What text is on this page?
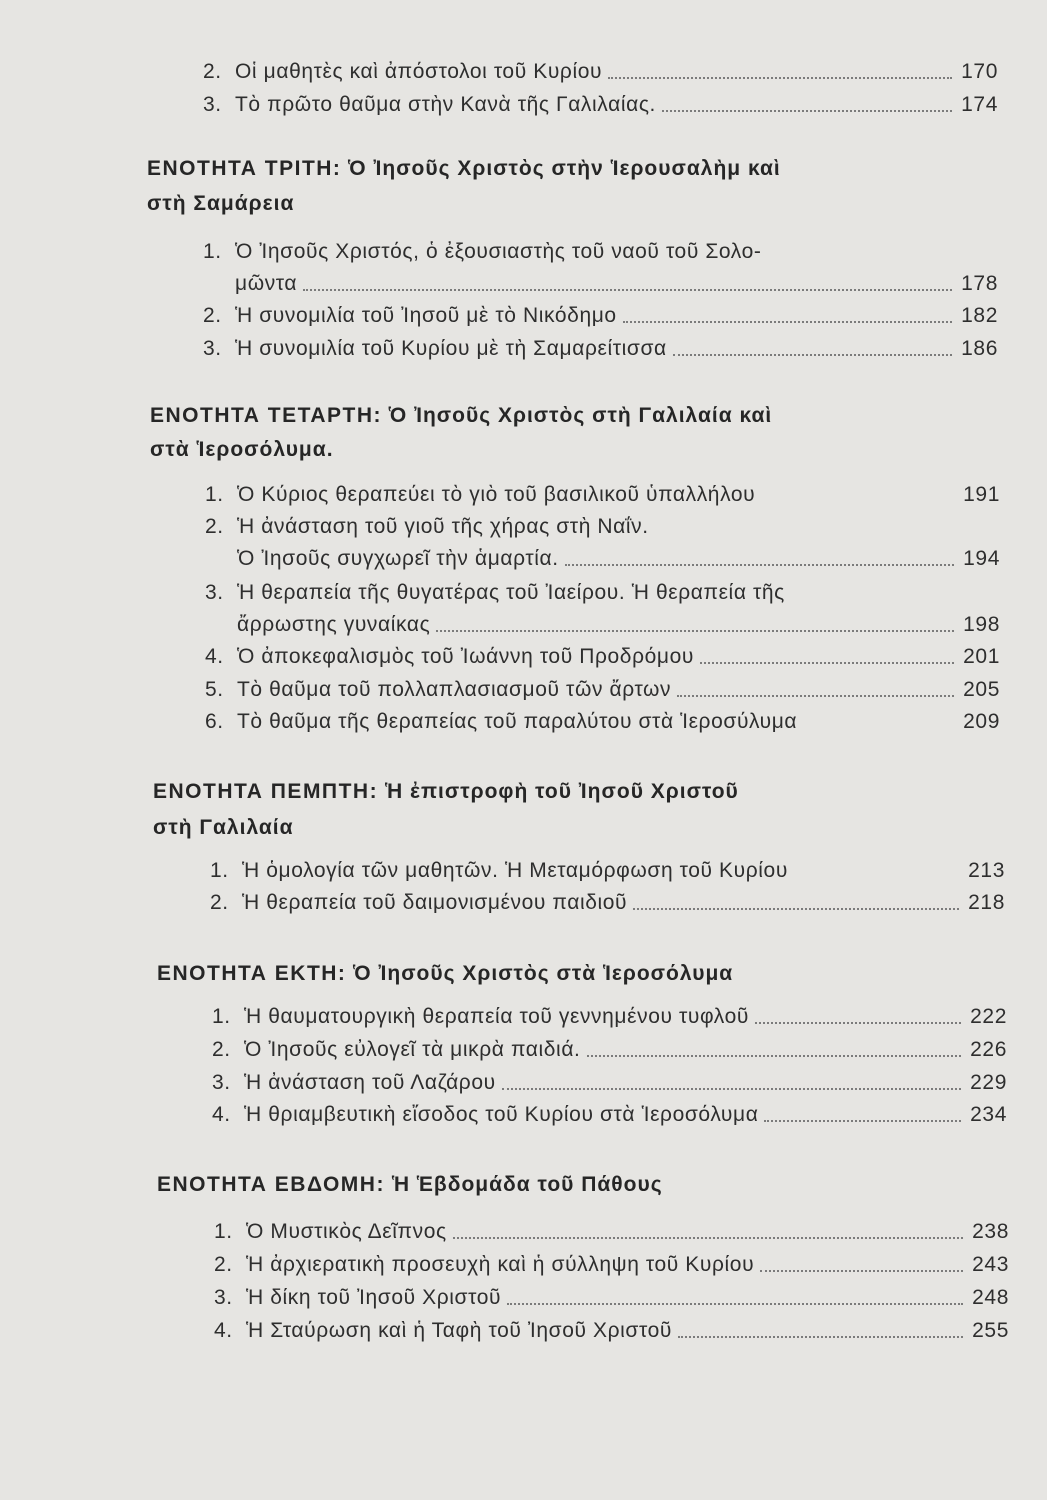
2. Οἱ μαθητὲς καὶ ἀπόστολοι τοῦ Κυρίου	170
3. Τὸ πρῶτο θαῦμα στὴν Κανὰ τῆς Γαλιλαίας.	174
ΕΝΟΤΗΤΑ ΤΡΙΤΗ: Ὁ Ἰησοῦς Χριστὸς στὴν Ἱερουσαλὴμ καὶ
στὴ Σαμάρεια
1. Ὁ Ἰησοῦς Χριστός, ὁ ἐξουσιαστὴς τοῦ ναοῦ τοῦ Σολο-
μῶντα	178
2. Ἡ συνομιλία τοῦ Ἰησοῦ μὲ τὸ Νικόδημο	182
3. Ἡ συνομιλία τοῦ Κυρίου μὲ τὴ Σαμαρείτισσα	186
ΕΝΟΤΗΤΑ ΤΕΤΑΡΤΗ: Ὁ Ἰησοῦς Χριστὸς στὴ Γαλιλαία καὶ
στὰ Ἱεροσόλυμα.
1. Ὁ Κύριος θεραπεύει τὸ γιὸ τοῦ βασιλικοῦ ὑπαλλήλου	191
2. Ἡ ἀνάσταση τοῦ γιοῦ τῆς χήρας στὴ Ναΐν.
Ὁ Ἰησοῦς συγχωρεῖ τὴν ἁμαρτία.	194
3. Ἡ θεραπεία τῆς θυγατέρας τοῦ Ἰαείρου. Ἡ θεραπεία τῆς
ἄρρωστης γυναίκας	198
4. Ὁ ἀποκεφαλισμὸς τοῦ Ἰωάννη τοῦ Προδρόμου	201
5. Τὸ θαῦμα τοῦ πολλαπλασιασμοῦ τῶν ἄρτων	205
6. Τὸ θαῦμα τῆς θεραπείας τοῦ παραλύτου στὰ Ἱεροσύλυμα	209
ΕΝΟΤΗΤΑ ΠΕΜΠΤΗ: Ἡ ἐπιστροφὴ τοῦ Ἰησοῦ Χριστοῦ
στὴ Γαλιλαία
1. Ἡ ὁμολογία τῶν μαθητῶν. Ἡ Μεταμόρφωση τοῦ Κυρίου	213
2. Ἡ θεραπεία τοῦ δαιμονισμένου παιδιοῦ	218
ΕΝΟΤΗΤΑ ΕΚΤΗ: Ὁ Ἰησοῦς Χριστὸς στὰ Ἱεροσόλυμα
1. Ἡ θαυματουργικὴ θεραπεία τοῦ γεννημένου τυφλοῦ	222
2. Ὁ Ἰησοῦς εὐλογεῖ τὰ μικρὰ παιδιά.	226
3. Ἡ ἀνάσταση τοῦ Λαζάρου	229
4. Ἡ θριαμβευτικὴ εἴσοδος τοῦ Κυρίου στὰ Ἱεροσόλυμα	234
ΕΝΟΤΗΤΑ ΕΒΔΟΜΗ: Ἡ Ἑβδομάδα τοῦ Πάθους
1. Ὁ Μυστικὸς Δεῖπνος	238
2. Ἡ ἀρχιερατικὴ προσευχὴ καὶ ἡ σύλληψη τοῦ Κυρίου	243
3. Ἡ δίκη τοῦ Ἰησοῦ Χριστοῦ	248
4. Ἡ Σταύρωση καὶ ἡ Ταφὴ τοῦ Ἰησοῦ Χριστοῦ	255
